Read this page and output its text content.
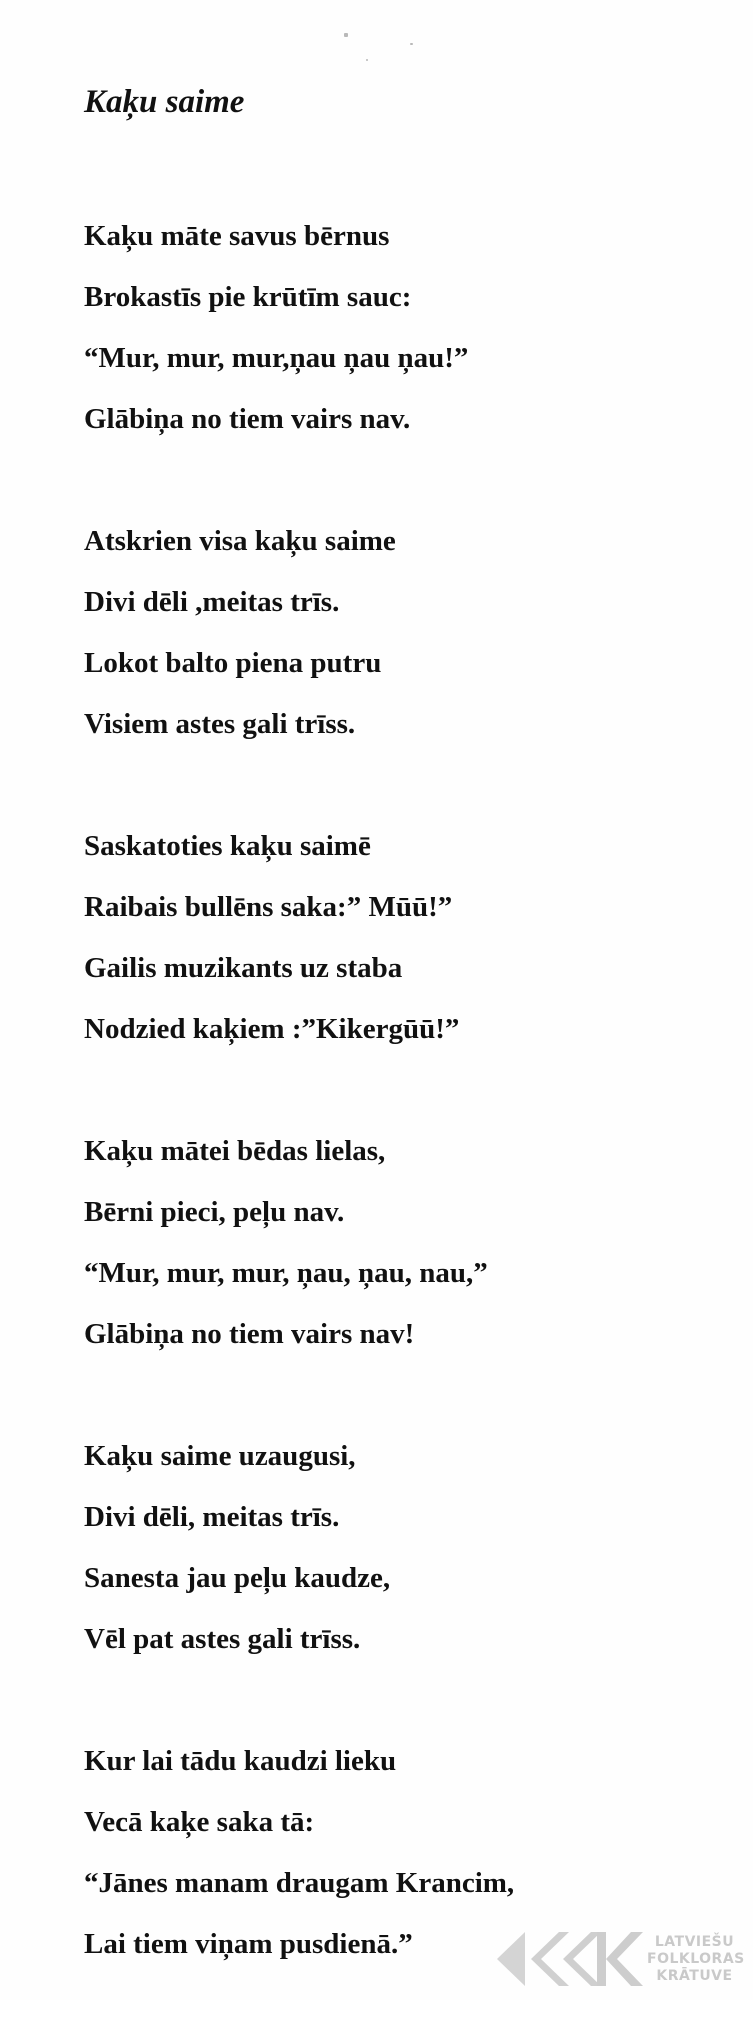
Kaķu saime
Kaķu māte savus bērnus
Brokastīs pie krūtīm sauc:
“Mur, mur, mur,ņau ņau ņau!”
Glābiņa no tiem vairs nav.
Atskrien visa kaķu saime
Divi dēli ,meitas trīs.
Lokot balto piena putru
Visiem astes gali trīss.
Saskatoties kaķu saimē
Raibais bullēns saka:” Mūū!”
Gailis muzikants uz staba
Nodzied kaķiem :”Kikergūū!”
Kaķu mātei bēdas lielas,
Bērni pieci, peļu nav.
“Mur, mur, mur, ņau, ņau, nau,”
Glābiņa no tiem vairs nav!
Kaķu saime uzaugusi,
Divi dēli, meitas trīs.
Sanesta jau peļu kaudze,
Vēl pat astes gali trīss.
Kur lai tādu kaudzi lieku
Vecā kaķe saka tā:
“Jānes manam draugam Krancim,
Lai tiem viņam pusdienā.”	LATVIEŠU
FOLKLORAS
KRĀTUVE
